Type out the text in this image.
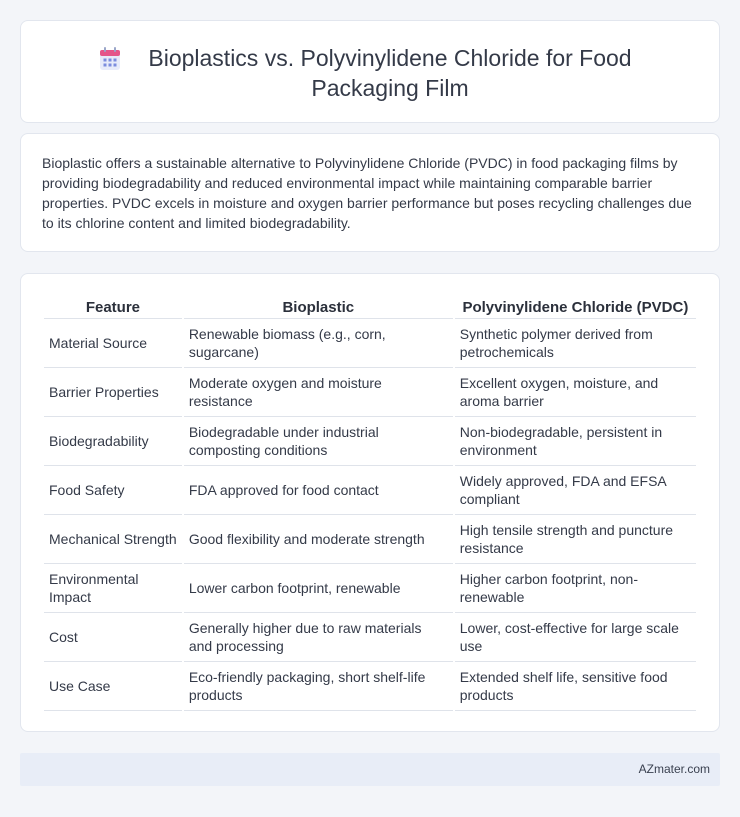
Bioplastics vs. Polyvinylidene Chloride for Food Packaging Film

Bioplastic offers a sustainable alternative to Polyvinylidene Chloride (PVDC) in food packaging films by providing biodegradability and reduced environmental impact while maintaining comparable barrier properties. PVDC excels in moisture and oxygen barrier performance but poses recycling challenges due to its chlorine content and limited biodegradability.

Feature	Bioplastic	Polyvinylidene Chloride (PVDC)
Material Source	Renewable biomass (e.g., corn, sugarcane)	Synthetic polymer derived from petrochemicals
Barrier Properties	Moderate oxygen and moisture resistance	Excellent oxygen, moisture, and aroma barrier
Biodegradability	Biodegradable under industrial composting conditions	Non-biodegradable, persistent in environment
Food Safety	FDA approved for food contact	Widely approved, FDA and EFSA compliant
Mechanical Strength	Good flexibility and moderate strength	High tensile strength and puncture resistance
Environmental Impact	Lower carbon footprint, renewable	Higher carbon footprint, non-renewable
Cost	Generally higher due to raw materials and processing	Lower, cost-effective for large scale use
Use Case	Eco-friendly packaging, short shelf-life products	Extended shelf life, sensitive food products
AZmater.com
